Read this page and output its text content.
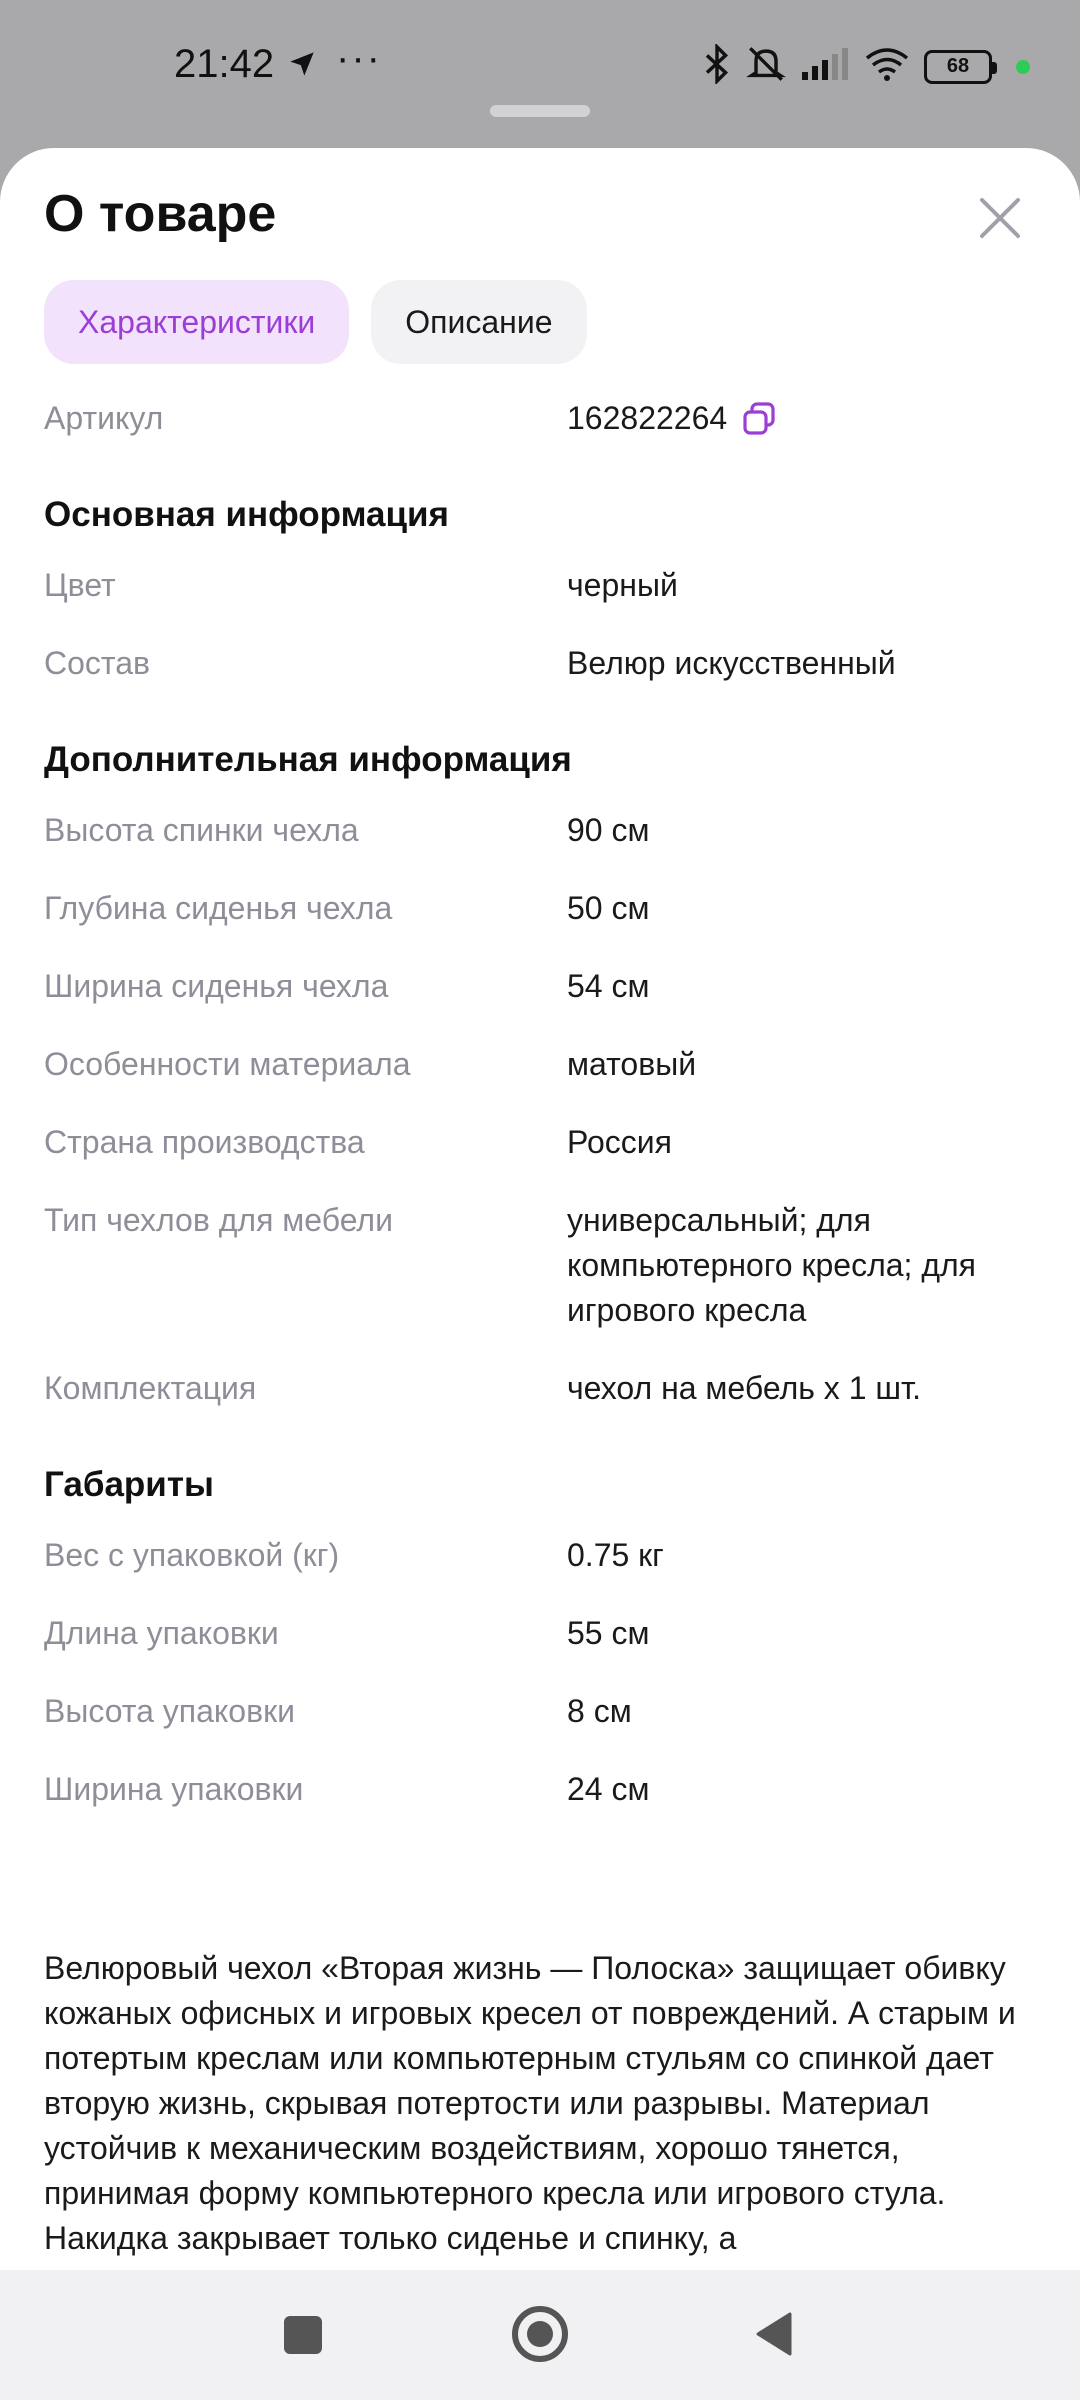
21:42 ···	68
О товаре
Характеристики	Описание
Артикул	162822264
Основная информация
Цвет	черный
Состав	Велюр искусственный
Дополнительная информация
Высота спинки чехла	90 см
Глубина сиденья чехла	50 см
Ширина сиденья чехла	54 см
Особенности материала	матовый
Страна производства	Россия
Тип чехлов для мебели	универсальный; для компьютерного кресла; для игрового кресла
Комплектация	чехол на мебель х 1 шт.
Габариты
Вес с упаковкой (кг)	0.75 кг
Длина упаковки	55 см
Высота упаковки	8 см
Ширина упаковки	24 см
Велюровый чехол «Вторая жизнь — Полоска» защищает обивку кожаных офисных и игровых кресел от повреждений. А старым и потертым креслам или компьютерным стульям со спинкой дает вторую жизнь, скрывая потертости или разрывы. Материал устойчив к механическим воздействиям, хорошо тянется, принимая форму компьютерного кресла или игрового стула. Накидка закрывает только сиденье и спинку, а
